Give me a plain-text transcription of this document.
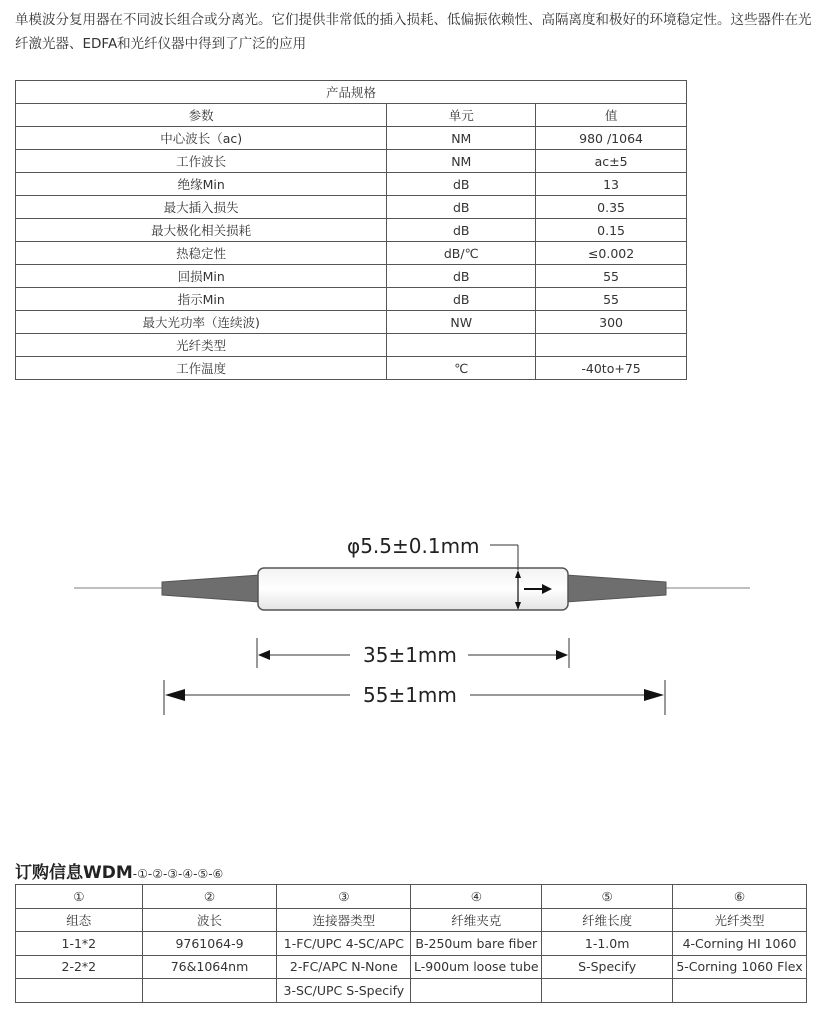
单模波分复用器在不同波长组合或分离光。它们提供非常低的插入损耗、低偏振依赖性、高隔离度和极好的环境稳定性。这些器件在光纤激光器、EDFA和光纤仪器中得到了广泛的应用
产品规格		
参数	单元	值
中心波长（ac)	NM	980 /1064
工作波长	NM	ac±5
绝缘Min	dB	13
最大插入损失	dB	0.35
最大极化相关损耗	dB	0.15
热稳定性	dB/℃	≤0.002
回损Min	dB	55
指示Min	dB	55
最大光功率（连续波)	NW	300
光纤类型		
工作温度	℃	-40to+75
φ5.5±0.1mm
35±1mm
55±1mm
订购信息WDM-①-②-③-④-⑤-⑥
①	②	③	④	⑤	⑥
组态	波长	连接器类型	纤维夹克	纤维长度	光纤类型
1-1*2	9761064-9	1-FC/UPC 4-SC/APC	B-250um bare fiber	1-1.0m	4-Corning HI 1060
2-2*2	76&1064nm	2-FC/APC N-None	L-900um loose tube	S-Specify	5-Corning 1060 Flex
		3-SC/UPC S-Specify			
